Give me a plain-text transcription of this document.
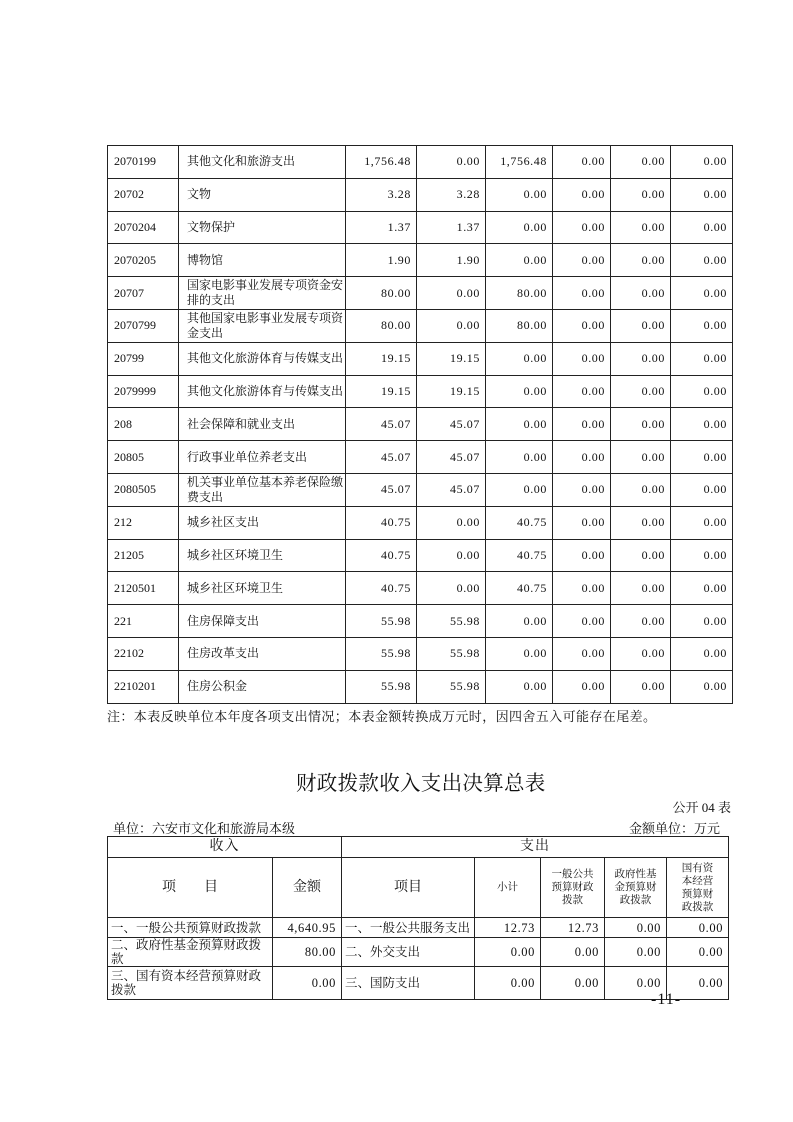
2070199	其他文化和旅游支出	1,756.48	0.00	1,756.48	0.00	0.00	0.00
20702	文物	3.28	3.28	0.00	0.00	0.00	0.00
2070204	文物保护	1.37	1.37	0.00	0.00	0.00	0.00
2070205	博物馆	1.90	1.90	0.00	0.00	0.00	0.00
20707	国家电影事业发展专项资金安排的支出	80.00	0.00	80.00	0.00	0.00	0.00
2070799	其他国家电影事业发展专项资金支出	80.00	0.00	80.00	0.00	0.00	0.00
20799	其他文化旅游体育与传媒支出	19.15	19.15	0.00	0.00	0.00	0.00
2079999	其他文化旅游体育与传媒支出	19.15	19.15	0.00	0.00	0.00	0.00
208	社会保障和就业支出	45.07	45.07	0.00	0.00	0.00	0.00
20805	行政事业单位养老支出	45.07	45.07	0.00	0.00	0.00	0.00
2080505	机关事业单位基本养老保险缴费支出	45.07	45.07	0.00	0.00	0.00	0.00
212	城乡社区支出	40.75	0.00	40.75	0.00	0.00	0.00
21205	城乡社区环境卫生	40.75	0.00	40.75	0.00	0.00	0.00
2120501	城乡社区环境卫生	40.75	0.00	40.75	0.00	0.00	0.00
221	住房保障支出	55.98	55.98	0.00	0.00	0.00	0.00
22102	住房改革支出	55.98	55.98	0.00	0.00	0.00	0.00
2210201	住房公积金	55.98	55.98	0.00	0.00	0.00	0.00
注：本表反映单位本年度各项支出情况；本表金额转换成万元时，因四舍五入可能存在尾差。
财政拨款收入支出决算总表
公开 04 表
单位：六安市文化和旅游局本级	金额单位：万元
收入		支出				
项　　目	金额	项目	小计	一般公共预算财政拨款	政府性基金预算财政拨款	国有资本经营预算财政拨款
一、一般公共预算财政拨款	4,640.95	一、一般公共服务支出	12.73	12.73	0.00	0.00
二、政府性基金预算财政拨款	80.00	二、外交支出	0.00	0.00	0.00	0.00
三、国有资本经营预算财政拨款	0.00	三、国防支出	0.00	0.00	0.00	0.00
-11-
